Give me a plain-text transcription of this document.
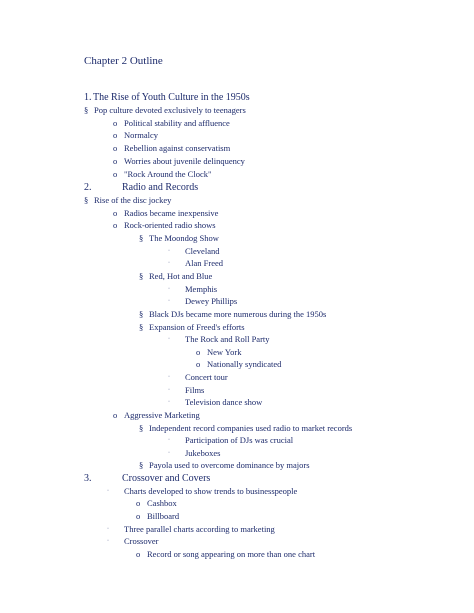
Chapter 2 Outline
1. The Rise of Youth Culture in the 1950s
§ Pop culture devoted exclusively to teenagers
o Political stability and affluence
o Normalcy
o Rebellion against conservatism
o Worries about juvenile delinquency
o "Rock Around the Clock"
2.	Radio and Records
§ Rise of the disc jockey
o Radios became inexpensive
o Rock-oriented radio shows
§ The Moondog Show
· Cleveland
· Alan Freed
§ Red, Hot and Blue
· Memphis
· Dewey Phillips
§ Black DJs became more numerous during the 1950s
§ Expansion of Freed's efforts
· The Rock and Roll Party
o New York
o Nationally syndicated
· Concert tour
· Films
· Television dance show
o Aggressive Marketing
§ Independent record companies used radio to market records
· Participation of DJs was crucial
· Jukeboxes
§ Payola used to overcome dominance by majors
3.	Crossover and Covers
· Charts developed to show trends to businesspeople
o Cashbox
o Billboard
· Three parallel charts according to marketing
· Crossover
o Record or song appearing on more than one chart
